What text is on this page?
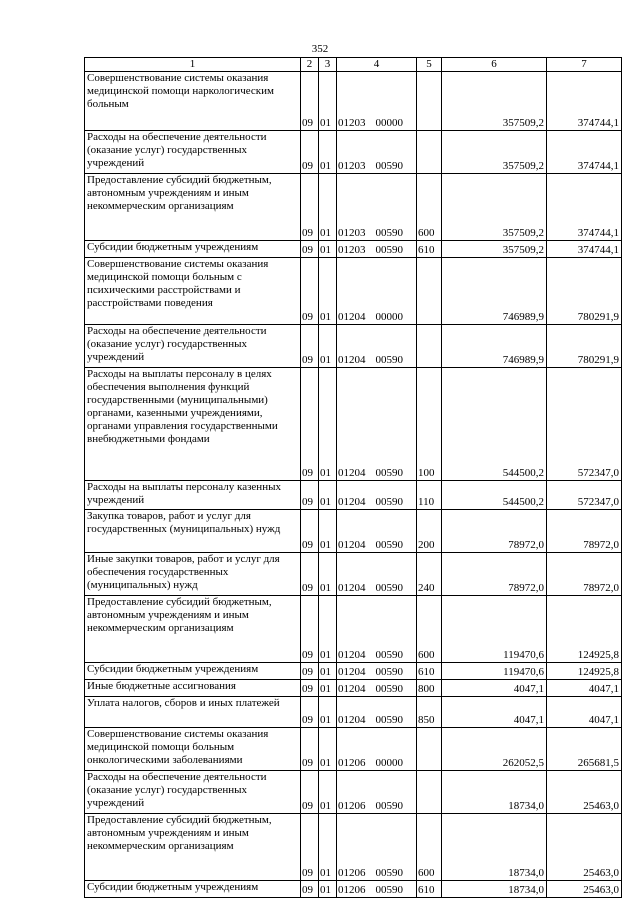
352
1	2	3	4	5	6	7
Совершенствование системы оказания медицинской помощи наркологическим больным	09	01	01203 00000		357509,2	374744,1
Расходы на обеспечение деятельности (оказание услуг) государственных учреждений	09	01	01203 00590		357509,2	374744,1
Предоставление субсидий бюджетным, автономным учреждениям и иным некоммерческим организациям	09	01	01203 00590	600	357509,2	374744,1
Субсидии бюджетным учреждениям	09	01	01203 00590	610	357509,2	374744,1
Совершенствование системы оказания медицинской помощи больным с психическими расстройствами и расстройствами поведения	09	01	01204 00000		746989,9	780291,9
Расходы на обеспечение деятельности (оказание услуг) государственных учреждений	09	01	01204 00590		746989,9	780291,9
Расходы на выплаты персоналу в целях обеспечения выполнения функций государственными (муниципальными) органами, казенными учреждениями, органами управления государственными внебюджетными фондами	09	01	01204 00590	100	544500,2	572347,0
Расходы на выплаты персоналу казенных учреждений	09	01	01204 00590	110	544500,2	572347,0
Закупка товаров, работ и услуг для государственных (муниципальных) нужд	09	01	01204 00590	200	78972,0	78972,0
Иные закупки товаров, работ и услуг для обеспечения государственных (муниципальных) нужд	09	01	01204 00590	240	78972,0	78972,0
Предоставление субсидий бюджетным, автономным учреждениям и иным некоммерческим организациям	09	01	01204 00590	600	119470,6	124925,8
Субсидии бюджетным учреждениям	09	01	01204 00590	610	119470,6	124925,8
Иные бюджетные ассигнования	09	01	01204 00590	800	4047,1	4047,1
Уплата налогов, сборов и иных платежей	09	01	01204 00590	850	4047,1	4047,1
Совершенствование системы оказания медицинской помощи больным онкологическими заболеваниями	09	01	01206 00000		262052,5	265681,5
Расходы на обеспечение деятельности (оказание услуг) государственных учреждений	09	01	01206 00590		18734,0	25463,0
Предоставление субсидий бюджетным, автономным учреждениям и иным некоммерческим организациям	09	01	01206 00590	600	18734,0	25463,0
Субсидии бюджетным учреждениям	09	01	01206 00590	610	18734,0	25463,0
